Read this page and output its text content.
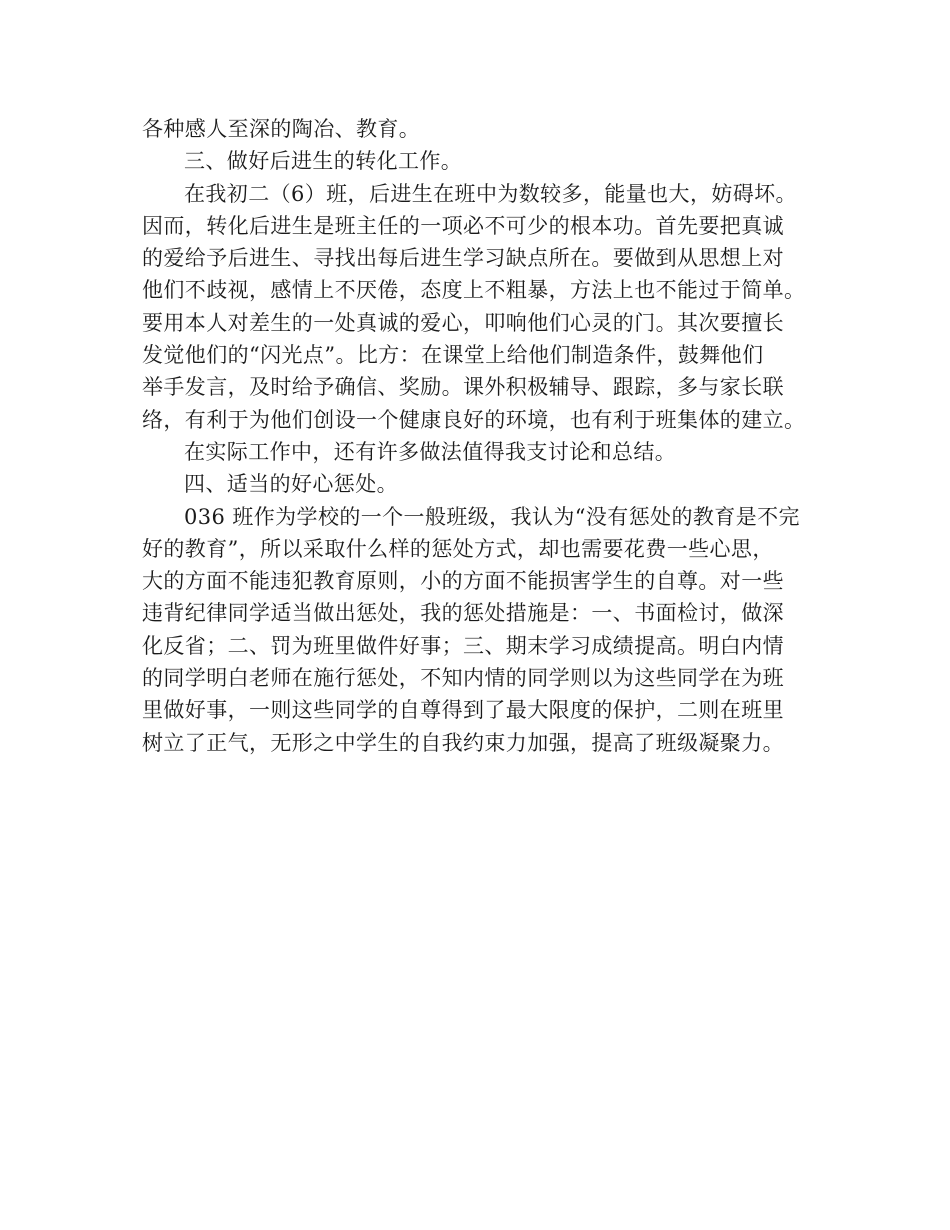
各种感人至深的陶冶、教育。
三、做好后进生的转化工作。
在我初二（6）班，后进生在班中为数较多，能量也大，妨碍坏。
因而，转化后进生是班主任的一项必不可少的根本功。首先要把真诚
的爱给予后进生、寻找出每后进生学习缺点所在。要做到从思想上对
他们不歧视，感情上不厌倦，态度上不粗暴，方法上也不能过于简单。
要用本人对差生的一处真诚的爱心，叩响他们心灵的门。其次要擅长
发觉他们的“闪光点”。比方：在课堂上给他们制造条件，鼓舞他们
举手发言，及时给予确信、奖励。课外积极辅导、跟踪，多与家长联
络，有利于为他们创设一个健康良好的环境，也有利于班集体的建立。
在实际工作中，还有许多做法值得我支讨论和总结。
四、适当的好心惩处。
036 班作为学校的一个一般班级，我认为“没有惩处的教育是不完
好的教育”，所以采取什么样的惩处方式，却也需要花费一些心思，
大的方面不能违犯教育原则，小的方面不能损害学生的自尊。对一些
违背纪律同学适当做出惩处，我的惩处措施是：一、书面检讨，做深
化反省；二、罚为班里做件好事；三、期末学习成绩提高。明白内情
的同学明白老师在施行惩处，不知内情的同学则以为这些同学在为班
里做好事，一则这些同学的自尊得到了最大限度的保护，二则在班里
树立了正气，无形之中学生的自我约束力加强，提高了班级凝聚力。
